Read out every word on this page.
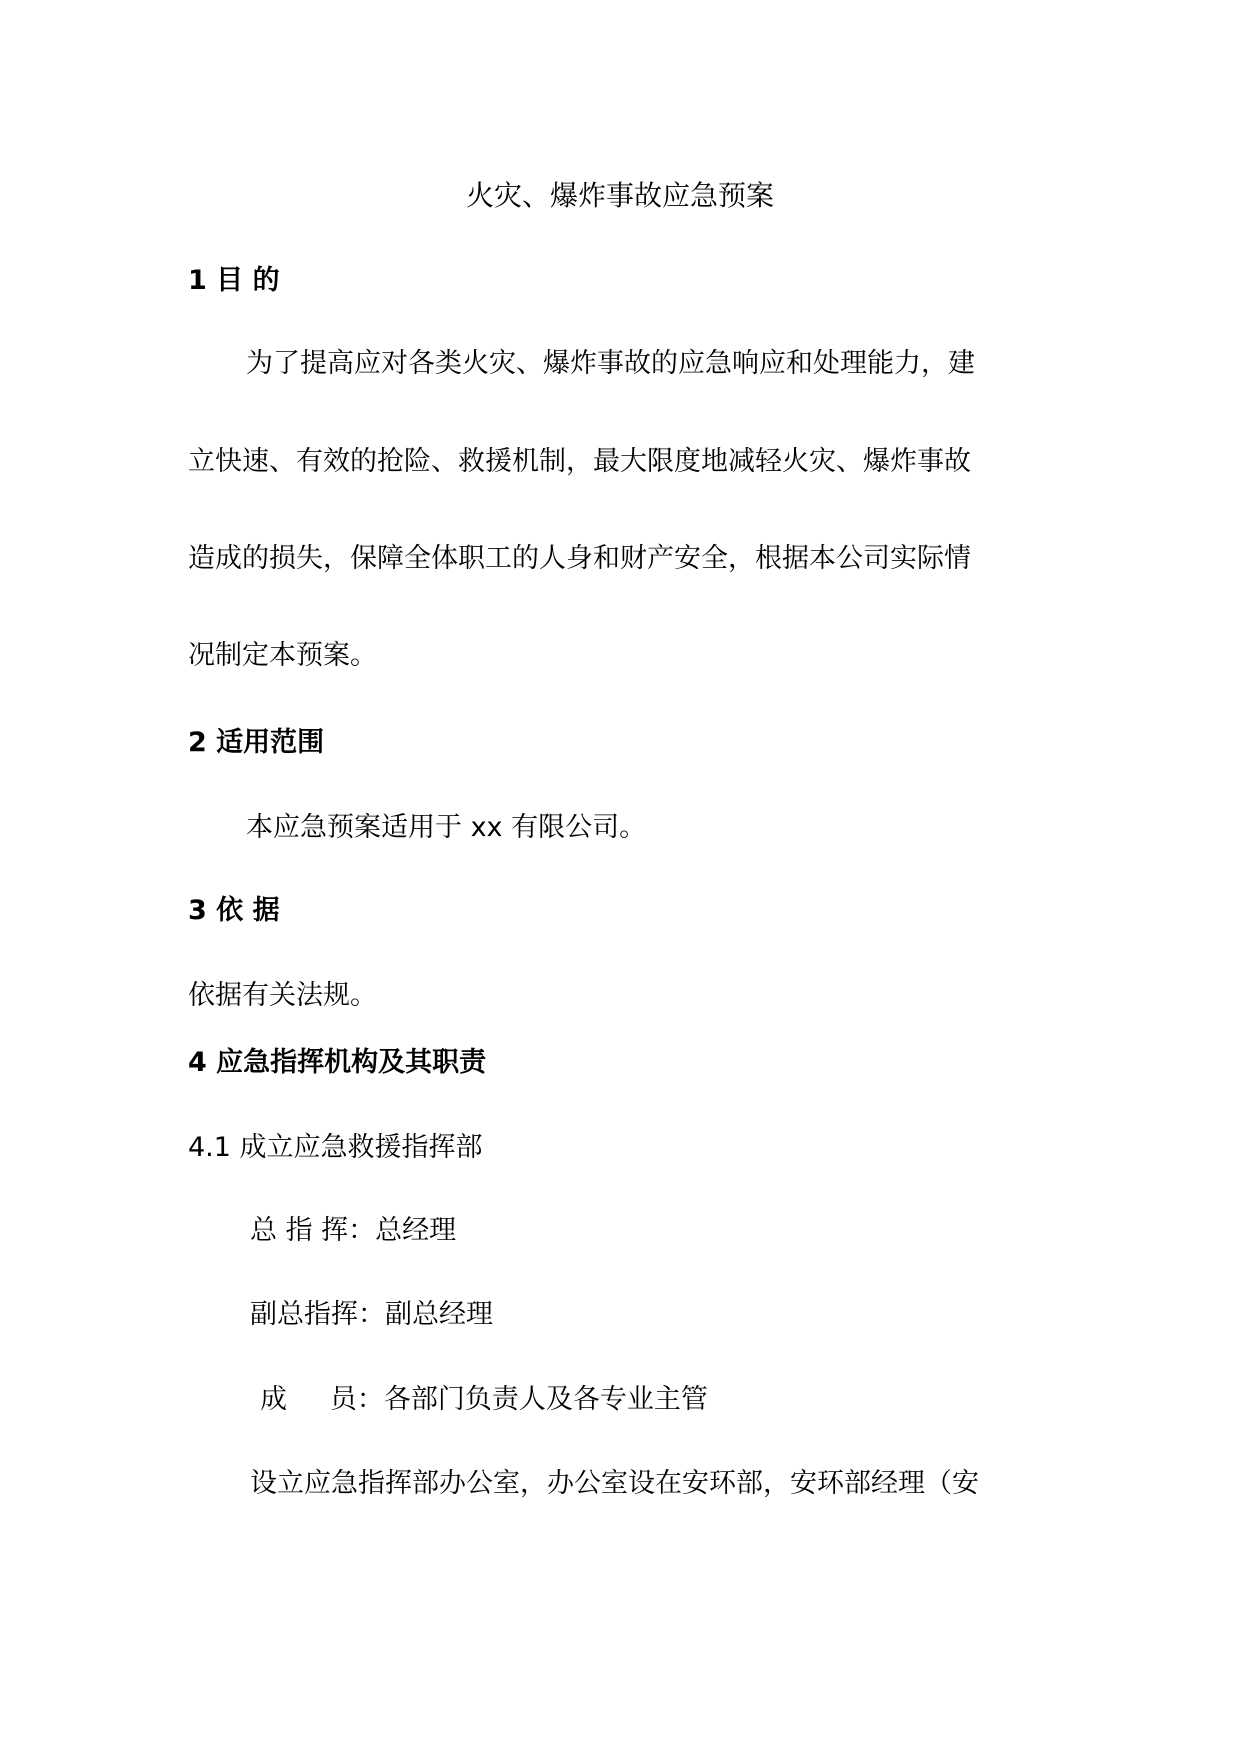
火灾、爆炸事故应急预案
1 目 的
为了提高应对各类火灾、爆炸事故的应急响应和处理能力，建
立快速、有效的抢险、救援机制，最大限度地减轻火灾、爆炸事故
造成的损失，保障全体职工的人身和财产安全，根据本公司实际情
况制定本预案。
2 适用范围
本应急预案适用于 xx 有限公司。
3 依 据
依据有关法规。
4 应急指挥机构及其职责
4.1 成立应急救援指挥部
总 指 挥：总经理
副总指挥：副总经理
成     员：各部门负责人及各专业主管
设立应急指挥部办公室，办公室设在安环部，安环部经理（安
